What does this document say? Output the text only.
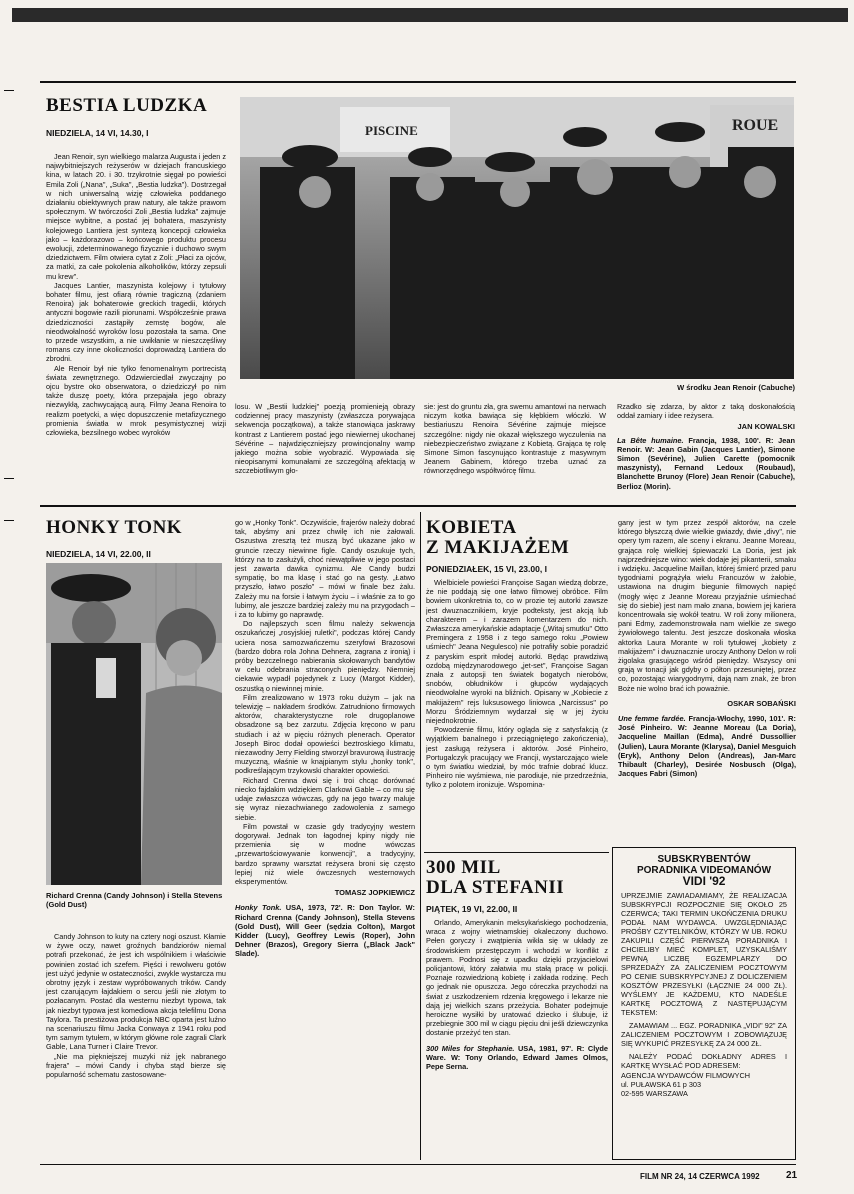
BESTIA LUDZKA
NIEDZIELA, 14 VI, 14.30, I	PISCINE	ROUE
W środku Jean Renoir (Cabuche)

Jean Renoir, syn wielkiego malarza Augusta i jeden z najwybitniejszych reżyserów w dziejach francuskiego kina, w latach 20. i 30. trzykrotnie sięgał po powieści Emila Zoli („Nana", „Suka", „Bestia ludzka"). Dostrzegał w nich uniwersalną wizję człowieka poddanego działaniu obiektywnych praw natury, ale także prawom społecznym. W twórczości Zoli „Bestia ludzka" zajmuje miejsce wybitne, a postać jej bohatera, maszynisty kolejowego Lantiera jest syntezą koncepcji człowieka jako – każdorazowo – końcowego produktu procesu ewolucji, zdeterminowanego fizycznie i duchowo swym dziedzictwem. Film otwiera cytat z Zoli: „Płaci za ojców, za matki, za całe pokolenia alkoholików, którzy zepsuli mu krew".

Jacques Lantier, maszynista kolejowy i tytułowy bohater filmu, jest ofiarą równie tragiczną (zdaniem Renoira) jak bohaterowie greckich tragedii, których antyczni bogowie razili piorunami. Współcześnie prawa dziedziczności zastąpiły zemstę bogów, ale nieodwołalność wyroków losu pozostała ta sama. One to przede wszystkim, a nie uwikłanie w nieszczęśliwy romans czy inne okoliczności doprowadzą Lantiera do zbrodni.

Ale Renoir był nie tylko fenomenalnym portrecistą świata zewnętrznego. Odzwierciedlał zwyczajny po ojcu bystre oko obserwatora, o dziedziczył po nim także duszę poety, która przepajała jego obrazy niezwykłą, zachwycającą aurą. Filmy Jeana Renoira to realizm poetycki, a więc dopuszczenie metafizycznego promienia światła w mrok pesymistycznej wizji człowieka, bezsilnego wobec wyroków

losu. W „Bestii ludzkiej" poezją promienieją obrazy codziennej pracy maszynisty (zwłaszcza porywająca sekwencja początkowa), a także stanowiąca jaskrawy kontrast z Lantierem postać jego niewiernej ukochanej Sévérine – najwdzięczniejszy prowincjonalny wamp jakiego można sobie wyobrazić. Wypowiada się nieopisanymi komunałami ze szczególną afektacją w szczebiotliwym gło-

sie: jest do gruntu zła, gra swemu amantowi na nerwach niczym kotka bawiąca się kłębkiem włóczki. W bestiariuszu Renoira Sévérine zajmuje miejsce szczególne: nigdy nie okazał większego wyczulenia na niebezpieczeństwo związane z Kobietą. Grająca tę rolę Simone Simon fascynująco kontrastuje z masywnym Jeanem Gabinem, którego trzeba uznać za równorzędnego współtwórcę filmu.

Rzadko się zdarza, by aktor z taką doskonałością oddał zamiary i idee reżysera.

JAN KOWALSKI
La Bête humaine. Francja, 1938, 100'. R: Jean Renoir. W: Jean Gabin (Jacques Lantier), Simone Simon (Sevérine), Julien Carette (pomocnik maszynisty), Fernand Ledoux (Roubaud), Blanchette Brunoy (Flore) Jean Renoir (Cabuche), Berlioz (Morin).
HONKY TONK
NIEDZIELA, 14 VI, 22.00, II
Richard Crenna (Candy Johnson) i Stella Stevens (Gold Dust)

Candy Johnson to kuty na cztery nogi oszust. Kłamie w żywe oczy, nawet groźnych bandziorów niemal potrafi przekonać, że jest ich wspólnikiem i właściwie powinien zostać ich szefem. Pięści i rewolweru gotów jest użyć jedynie w ostateczności, zwykle wystarcza mu obrotny język i zestaw wypróbowanych trików. Candy jest czarującym łajdakiem o sercu jeśli nie złotym to pozłacanym. Postać dla westernu niezbyt typowa, tak jak niezbyt typowa jest komediowa akcja telefilmu Dona Taylora. Ta prestiżowa produkcja NBC oparta jest luźno na scenariuszu filmu Jacka Conwaya z 1941 roku pod tym samym tytułem, w którym główne role zagrali Clark Gable, Lana Turner i Claire Trevor.

„Nie ma piękniejszej muzyki niż jęk nabranego frajera" – mówi Candy i chyba stąd bierze się popularność schematu zastosowane-

go w „Honky Tonk". Oczywiście, frajerów należy dobrać tak, abyśmy ani przez chwilę ich nie żałowali. Oszustwa zresztą też muszą być ukazane jako w gruncie rzeczy niewinne figle. Candy oszukuje tych, którzy na to zasłużyli, choć niewątpliwie w jego postaci jest zawarta dawka cynizmu. Ale Candy budzi sympatię, bo ma klasę i stać go na gesty. „Łatwo przyszło, łatwo poszło" – mówi w finale bez żalu. Zależy mu na forsie i łatwym życiu – i właśnie za to go lubimy, ale jeszcze bardziej zależy mu na przygodach – i za to lubimy go naprawdę.

Do najlepszych scen filmu należy sekwencja oszukańczej „rosyjskiej ruletki", podczas której Candy uciera nosa samozwańczemu szeryfowi Brazosowi (bardzo dobra rola Johna Dehnera, zagrana z ironią) i próby bezczelnego nabierania skołowanych bandytów w celu odebrania straconych pieniędzy. Niemniej ciekawie wypadł pojedynek z Lucy (Margot Kidder), oszustką o niewinnej minie.

Film zrealizowano w 1973 roku dużym – jak na telewizję – nakładem środków. Zatrudniono firmowych aktorów, charakterystyczne role drugoplanowe obsadzone są bez zarzutu. Zdjęcia kręcono w paru studiach i aż w pięciu różnych plenerach. Operator Joseph Biroc dodał opowieści beztroskiego klimatu, niezawodny Jerry Fielding stworzył bravurową ilustrację muzyczną, właśnie w knajpianym stylu „honky tonk", podkreślającym trzykowski charakter opowieści.

Richard Crenna dwoi się i troi chcąc dorównać niecko fajdakim wdziękiem Clarkowi Gable – co mu się udaje zwłaszcza wówczas, gdy na jego twarzy maluje się wyraz niezachwianego zadowolenia z samego siebie.

Film powstał w czasie gdy tradycyjny western dogorywał. Jednak ton łagodnej kpiny nigdy nie przemienia się w modne wówczas „przewartościowywanie konwencji", a tradycyjny, bardzo sprawny warsztat reżysera broni się często lepiej niż wiele ówczesnych westernowych eksperymentów.

TOMASZ JOPKIEWICZ
Honky Tonk. USA, 1973, 72'. R: Don Taylor. W: Richard Crenna (Candy Johnson), Stella Stevens (Gold Dust), Will Geer (sędzia Colton), Margot Kidder (Lucy), Geoffrey Lewis (Roper), John Dehner (Brazos), Gregory Sierra („Black Jack" Slade).
KOBIETA
Z MAKIJAŻEM
PONIEDZIAŁEK, 15 VI, 23.00, I

Wielbiciele powieści Françoise Sagan wiedzą dobrze, że nie poddają się one łatwo filmowej obróbce. Film bowiem ukonkretnia to, co w prozie tej autorki zawsze jest dwuznacznikiem, kryje podteksty, jest akcją lub charakterem – i zarazem komentarzem do nich. Zwłaszcza amerykańskie adaptacje („Witaj smutku" Otto Premingera z 1958 i z tego samego roku „Powiew uśmiech" Jeana Negulesco) nie potrafiły sobie poradzić z paryskim esprit młodej autorki. Będąc prawdziwą ozdobą międzynarodowego „jet-set", Françoise Sagan znała z autopsji ten światek bogatych nierobów, snobów, obłudników i głupców wydających nieodwołalne wyroki na bliźnich. Opisany w „Kobiecie z makijażem" rejs luksusowego liniowca „Narcissus" po Morzu Śródziemnym wydarzał się w jej życiu niejednokrotnie.

Powodzenie filmu, który ogląda się z satysfakcją (z wyjątkiem banalnego i przeciągniętego zakończenia), jest zasługą reżysera i aktorów. José Pinheiro, Portugalczyk pracujący we Francji, wystarczająco wiele o tym światku wiedział, by móc trafnie dobrać klucz. Pinheiro nie wyśmiewa, nie parodiuje, nie przedrzeźnia, tylko z polotem ironizuje. Wspomina-

gany jest w tym przez zespół aktorów, na czele którego błyszczą dwie wielkie gwiazdy, dwie „divy", nie opery tym razem, ale sceny i ekranu. Jeanne Moreau, grająca rolę wielkiej śpiewaczki La Doria, jest jak najprzedniejsze wino: wiek dodaje jej pikanterii, smaku i wdzięku. Jacqueline Maillan, której śmierć przed paru tygodniami pogrążyła wielu Francuzów w żałobie, ustawiona na drugim biegunie filmowych napięć (mogły więc z Jeanne Moreau przyjaźnie uśmiechać się do siebie) jest nam mało znana, bowiem jej kariera koncentrowała się wokół teatru. W roli żony milionera, pani Edmy, zademonstrowała nam wielkie ze swego żywiołowego talentu. Jest jeszcze doskonała włoska aktorka Laura Morante w roli tytułowej „kobiety z makijażem" i dwuznacznie uroczy Anthony Delon w roli żigolaka grasującego wśród pieniędzy. Wszyscy oni grają w tonacji jak gdyby o półton przesuniętej, przez co, pozostając wiarygodnymi, dają nam znak, że bron Boże nie wolno brać ich poważnie.

OSKAR SOBAŃSKI
Une femme fardée. Francja-Włochy, 1990, 101'. R: José Pinheiro. W: Jeanne Moreau (La Doria), Jacqueline Maillan (Edma), André Dussollier (Julien), Laura Morante (Klarysa), Daniel Mesguich (Eryk), Anthony Delon (Andreas), Jan-Marc Thibault (Charley), Desirée Nosbusch (Olga), Jacques Fabri (Simon)
300 MIL
DLA STEFANII
PIĄTEK, 19 VI, 22.00, II

Orlando, Amerykanin meksykańskiego pochodzenia, wraca z wojny wietnamskiej okaleczony duchowo. Pełen goryczy i zwątpienia wikła się w układy ze środowiskiem przestępczym i wchodzi w konflikt z prawem. Podnosi się z upadku dzięki przyjacielowi policjantowi, który załatwia mu stałą pracę w policji. Poznaje rozwiedzioną kobietę i zakłada rodzinę. Pech go jednak nie opuszcza. Jego córeczka przychodzi na świat z uszkodzeniem rdzenia kręgowego i lekarze nie dają jej wielkich szans przeżycia. Bohater podejmuje heroiczne wysiłki by uratować dziecko i ślubuje, iż przebiegnie 300 mil w ciągu pięciu dni jeśli dziewczynka dostanie przeżyć ten stan.

300 Miles for Stephanie. USA, 1981, 97'. R: Clyde Ware. W: Tony Orlando, Edward James Olmos, Pepe Serna.
SUBSKRYBENTÓW
PORADNIKA VIDEOMANÓW
VIDI '92
UPRZEJMIE ZAWIADAMIAMY, ŻE REALIZACJA SUBSKRYPCJI ROZPOCZNIE SIĘ OKOŁO 25 CZERWCA; TAKI TERMIN UKOŃCZENIA DRUKU PODAŁ NAM WYDAWCA. UWZGLĘDNIAJĄC PROŚBY CZYTELNIKÓW, KTÓRZY W UB. ROKU ZAKUPILI CZĘŚĆ PIERWSZĄ PORADNIKA I CHCIELIBY MIEĆ KOMPLET, UZYSKALIŚMY PEWNĄ LICZBĘ EGZEMPLARZY DO SPRZEDAŻY ZA ZALICZENIEM POCZTOWYM PO CENIE SUBSKRYPCYJNEJ Z DOLICZENIEM KOSZTÓW PRZESYŁKI (ŁĄCZNIE 24 000 ZŁ). WYŚLEMY JE KAŻDEMU, KTO NADEŚLE KARTKĘ POCZTOWĄ Z NASTĘPUJĄCYM TEKSTEM:
ZAMAWIAM ... EGZ. PORADNIKA „VIDI" 92" ZA ZALICZENIEM POCZTOWYM I ZOBOWIĄZUJĘ SIĘ WYKUPIĆ PRZESYŁKĘ ZA 24 000 ZŁ.
NALEŻY PODAĆ DOKŁADNY ADRES I KARTKĘ WYSŁAĆ POD ADRESEM:
AGENCJA WYDAWCÓW FILMOWYCH
ul. PUŁAWSKA 61 p 303
02-595 WARSZAWA
FILM NR 24, 14 CZERWCA 1992	21
